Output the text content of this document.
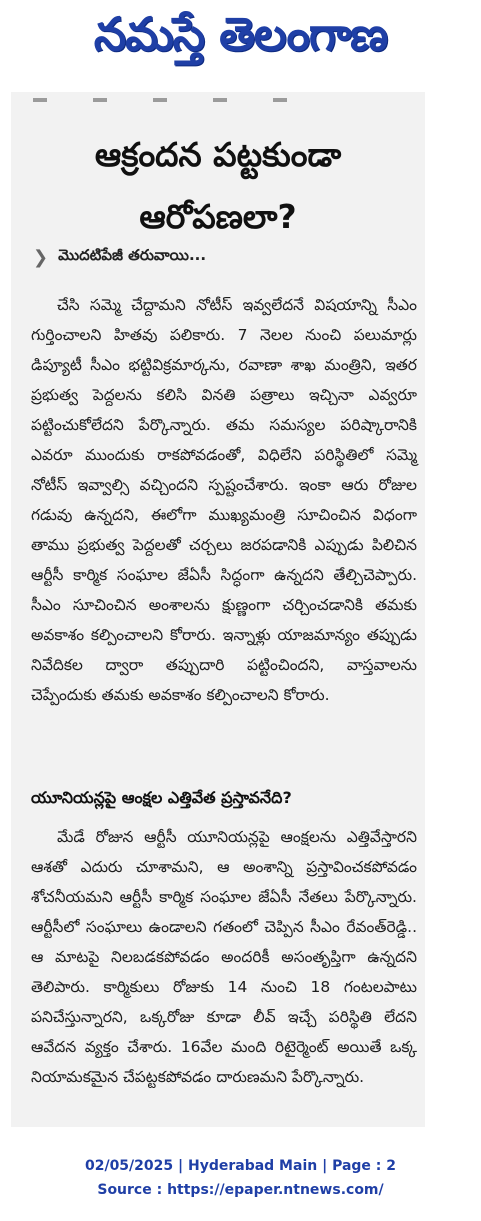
నమస్తే తెలంగాణ
ఆక్రందన పట్టకుండా ఆరోపణలా?
❯ మొదటిపేజీ తరువాయి...

చేసి సమ్మె చేద్దామని నోటీస్ ఇవ్వలేదనే విషయాన్ని సీఎం గుర్తించాలని హితవు పలికారు. 7 నెలల నుంచి పలుమార్లు డిప్యూటీ సీఎం భట్టివిక్రమార్కను, రవాణా శాఖ మంత్రిని, ఇతర ప్రభుత్వ పెద్దలను కలిసి వినతి పత్రాలు ఇచ్చినా ఎవ్వరూ పట్టించుకోలేదని పేర్కొన్నారు. తమ సమస్యల పరిష్కారానికి ఎవరూ ముందుకు రాకపోవడంతో, విధిలేని పరిస్థితిలో సమ్మె నోటీస్ ఇవ్వాల్సి వచ్చిందని స్పష్టంచేశారు. ఇంకా ఆరు రోజుల గడువు ఉన్నదని, ఈలోగా ముఖ్యమంత్రి సూచించిన విధంగా తాము ప్రభుత్వ పెద్దలతో చర్చలు జరపడానికి ఎప్పుడు పిలిచిన ఆర్టీసీ కార్మిక సంఘాల జేఏసీ సిద్ధంగా ఉన్నదని తేల్చిచెప్పారు. సీఎం సూచించిన అంశాలను క్షుణ్ణంగా చర్చించడానికి తమకు అవకాశం కల్పించాలని కోరారు. ఇన్నాళ్లు యాజమాన్యం తప్పుడు నివేదికల ద్వారా తప్పుదారి పట్టించిందని, వాస్తవాలను చెప్పేందుకు తమకు అవకాశం కల్పించాలని కోరారు.

యూనియన్లపై ఆంక్షల ఎత్తివేత ప్రస్తావనేది?

మేడే రోజున ఆర్టీసీ యూనియన్లపై ఆంక్షలను ఎత్తివేస్తారని ఆశతో ఎదురు చూశామని, ఆ అంశాన్ని ప్రస్తావించకపోవడం శోచనీయమని ఆర్టీసీ కార్మిక సంఘాల జేఏసీ నేతలు పేర్కొన్నారు. ఆర్టీసీలో సంఘాలు ఉండాలని గతంలో చెప్పిన సీఎం రేవంత్‌రెడ్డి.. ఆ మాటపై నిలబడకపోవడం అందరికీ అసంతృప్తిగా ఉన్నదని తెలిపారు. కార్మికులు రోజుకు 14 నుంచి 18 గంటలపాటు పనిచేస్తున్నారని, ఒక్కరోజు కూడా లీవ్ ఇచ్చే పరిస్థితి లేదని ఆవేదన వ్యక్తం చేశారు. 16వేల మంది రిటైర్మెంట్ అయితే ఒక్క నియామకమైన చేపట్టకపోవడం దారుణమని పేర్కొన్నారు.

02/05/2025 | Hyderabad Main | Page : 2
Source : https://epaper.ntnews.com/
